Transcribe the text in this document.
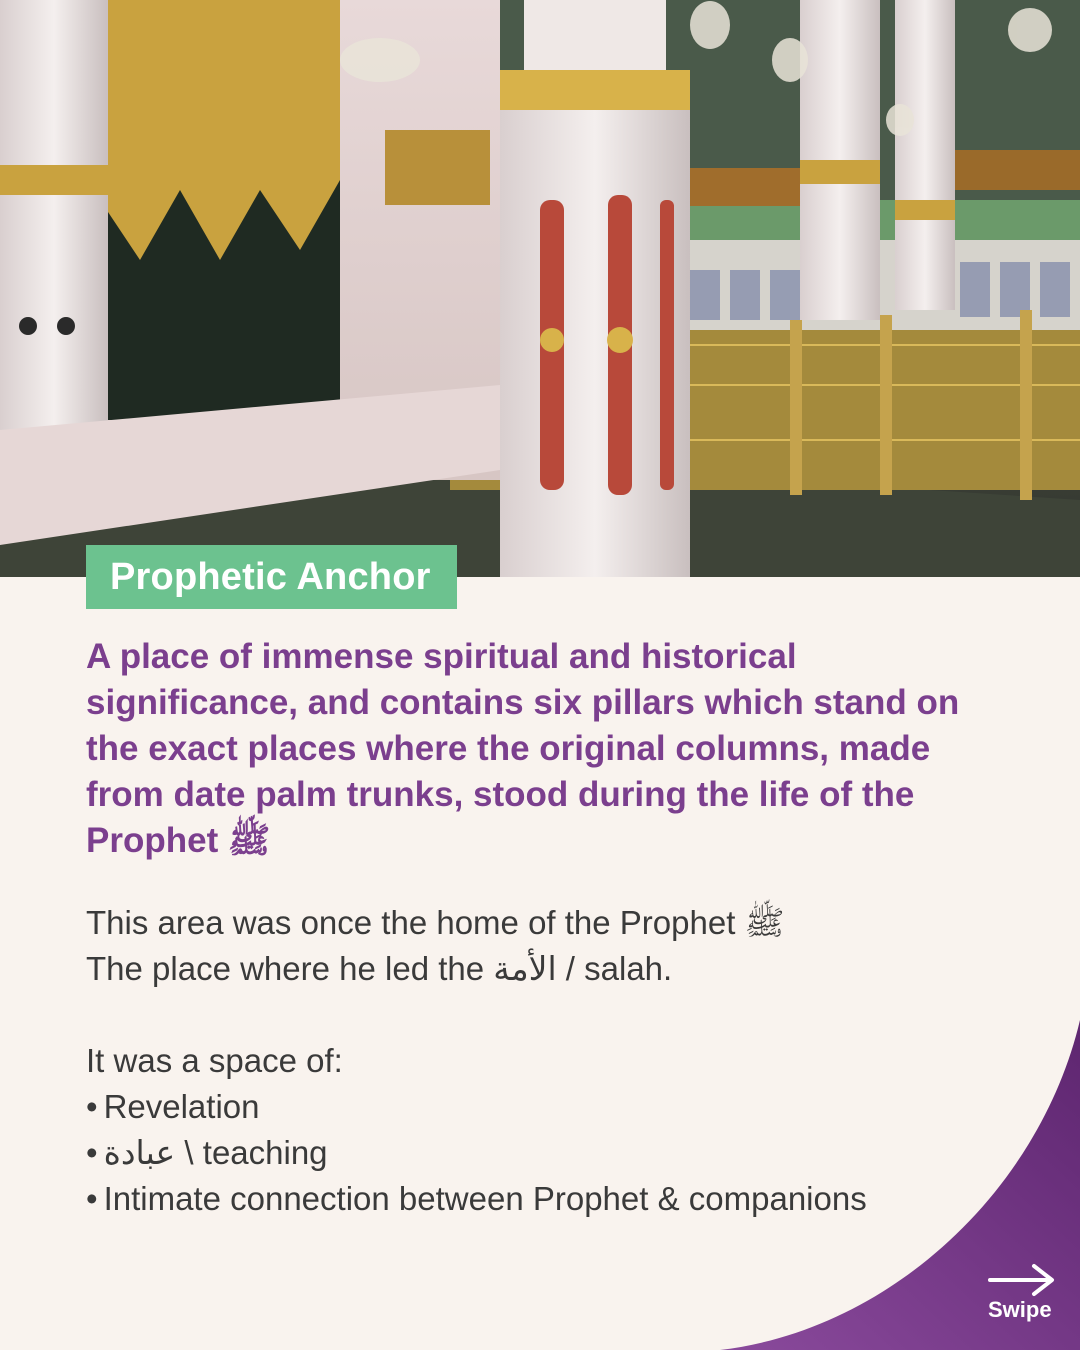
Prophetic Anchor

A place of immense spiritual and historical significance, and contains six pillars which stand on the exact places where the original columns, made from date palm trunks, stood during the life of the Prophet ﷺ

This area was once the home of the Prophet ﷺ
The place where he led the الأمة / salah.

It was a space of:

• Revelation
• عبادة \ teaching
• Intimate connection between Prophet & companions
Swipe
